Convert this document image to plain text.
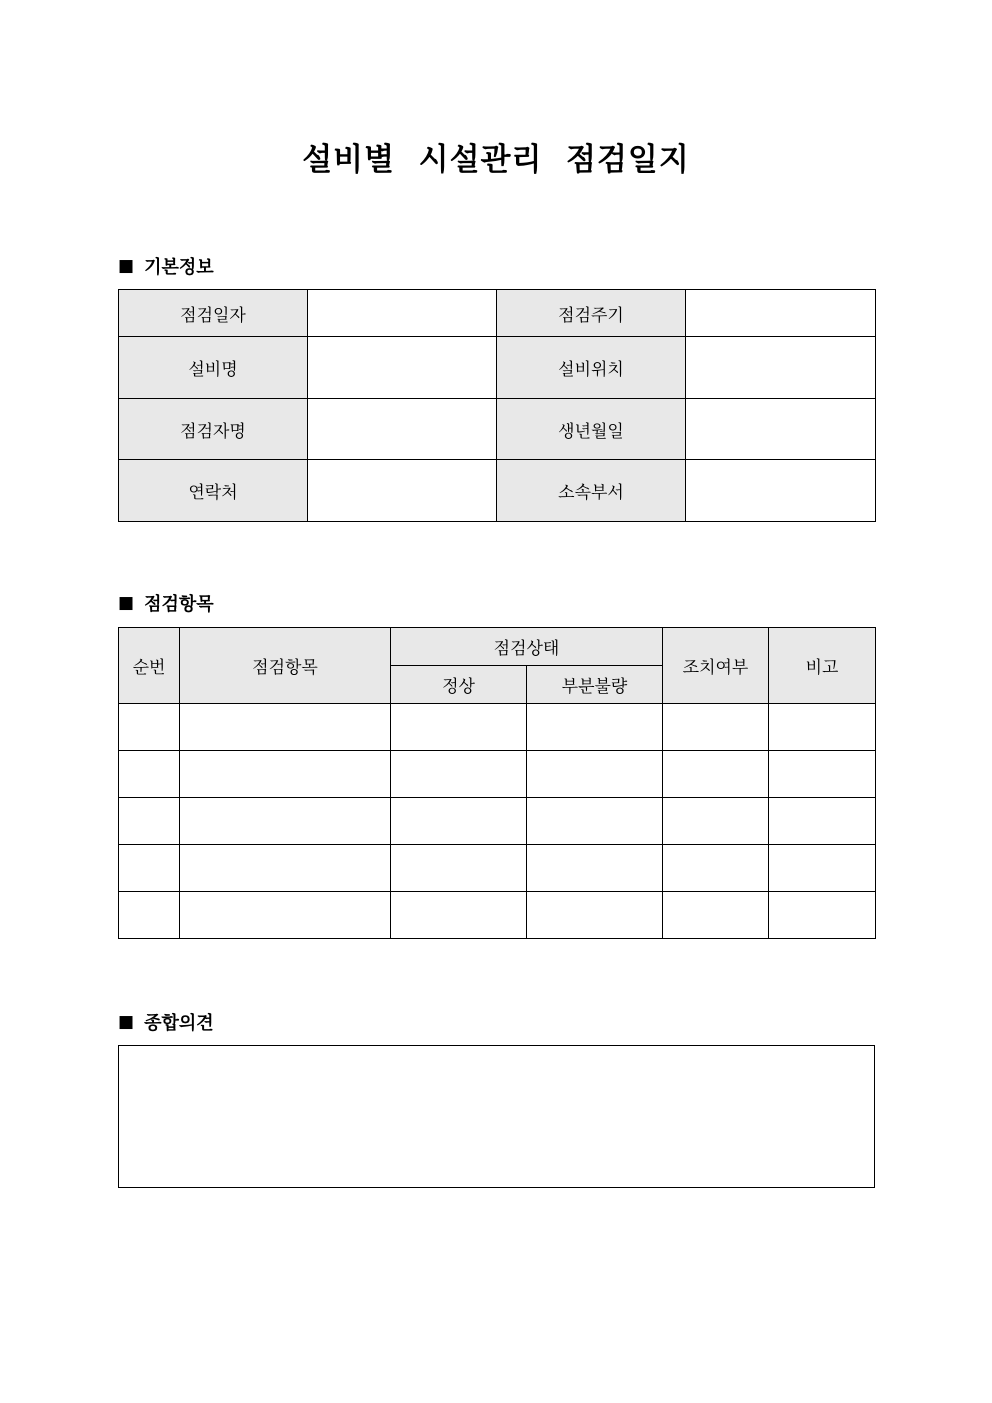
설비별  시설관리  점검일지
■ 기본정보
점검일자		점검주기	
설비명		설비위치	
점검자명		생년월일	
연락처		소속부서	
■ 점검항목
순번	점검항목	점검상태		조치여부	비고
		정상	부분불량		

■ 종합의견
